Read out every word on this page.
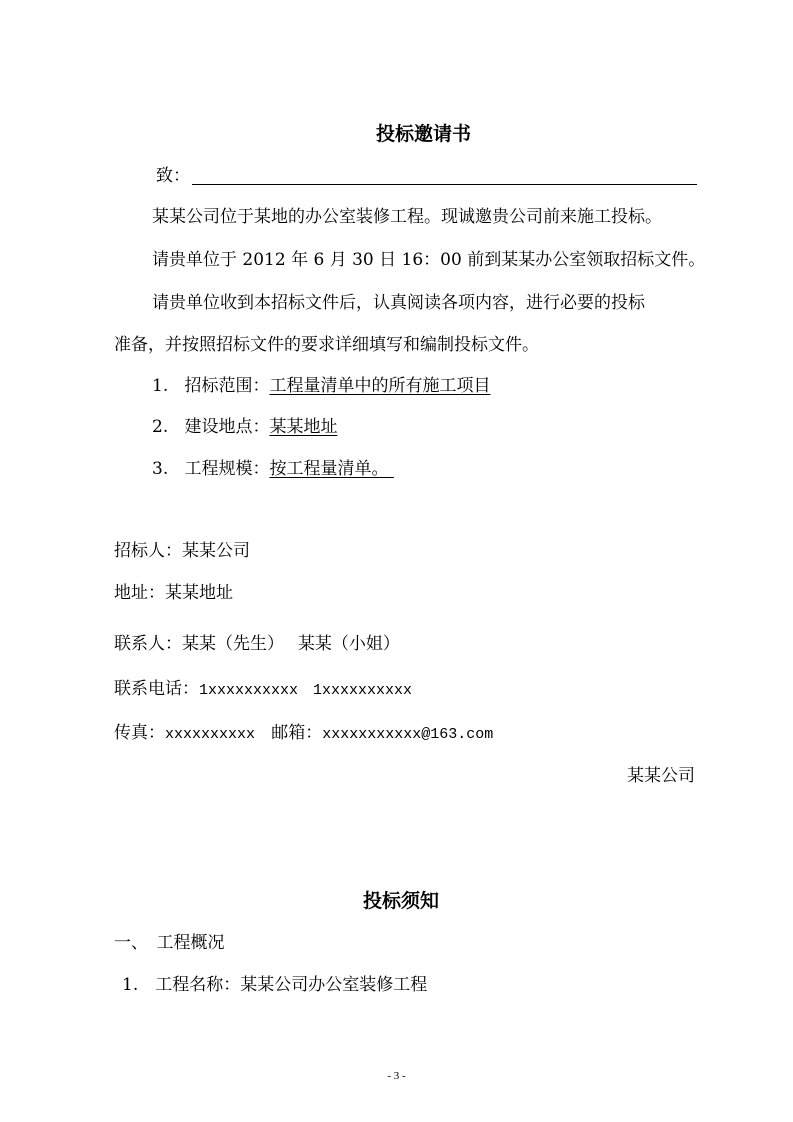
投标邀请书
致：
某某公司位于某地的办公室装修工程。现诚邀贵公司前来施工投标。
请贵单位于 2012 年 6 月 30 日 16：00 前到某某办公室领取招标文件。
请贵单位收到本招标文件后，认真阅读各项内容，进行必要的投标
准备，并按照招标文件的要求详细填写和编制投标文件。
1. 招标范围：工程量清单中的所有施工项目
2. 建设地点：某某地址
3. 工程规模：按工程量清单。
招标人：某某公司
地址：某某地址
联系人：某某（先生）　 某某（小姐）
联系电话：1xxxxxxxxxx　1xxxxxxxxxx
传真：xxxxxxxxxx 邮箱：xxxxxxxxxxx@163.com
某某公司
投标须知
一、　工程概况
1.　工程名称：某某公司办公室装修工程
- 3 -
